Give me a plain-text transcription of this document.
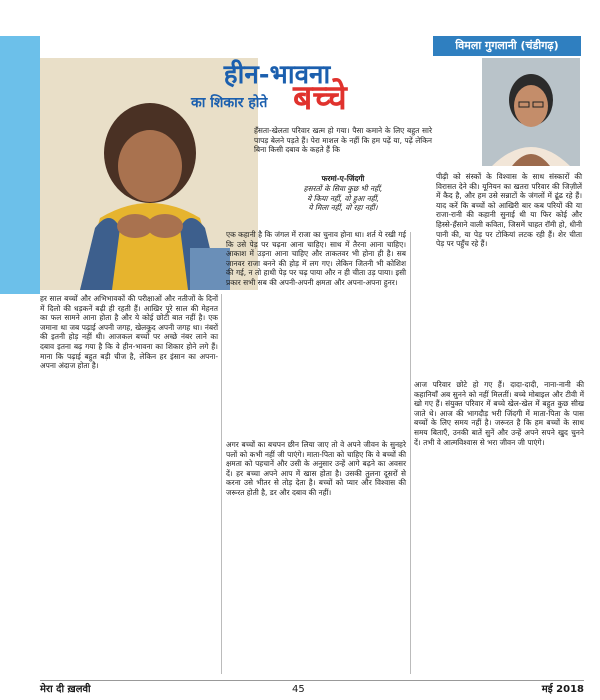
विमला गुगलानी (चंडीगढ़)
हीन-भावना
का शिकार होते बच्चे
हँसता-खेलता परिवार खत्म हो गया। पैसा कमाने के लिए बहुत सारे पापड़ बेलने पड़ते हैं। पेरा माशल के नहीं कि हम पढ़ें या, पढ़ें लेकिन बिना किसी दबाव के कहते हैं कि
फरमां-ए-जिंदगी
हसरतों के सिवा कुछ भी नहीं,
ये किया नहीं, वो हुआ नहीं,
ये मिला नहीं, वो रहा नहीं।
पीढ़ी को संस्कों के विश्वास के साथ संस्कारों की विरासत देने की। यूनियन का खतरा परिवार की जिज़ीलें में कैद है, और हम उसे सन्नाटों के जंगलों में ढूंढ रहे हैं। याद करें कि बच्चों को आखिरी बार कब परियों की या राजा-रानी की कहानी सुनाई थी या फिर कोई और हिस्से-हँसाने वाली कविता, जिसमें चाहत रॉमी हो, धीनी पानी की, या पेड़ पर टोकियां लटक रही हैं। शेर चीता पेड़ पर पहुँच रहे हैं।
एक कहानी है कि जंगल में राजा का चुनाव होना था। शर्त ये रखी गई कि उसे पेड़ पर चढ़ना आना चाहिए। साथ में तैरना आना चाहिए। आकाश में उड़ना आना चाहिए और ताकतवर भी होना ही है। सब जानवर राजा बनने की होड़ में लग गए। लेकिन जितनी भी कोशिश की गई, न तो हाथी पेड़ पर चढ़ पाया और न ही चीता उड़ पाया। इसी प्रकार सभी सब की अपनी-अपनी क्षमता और अपना-अपना हुनर।
हर साल बच्चों और अभिभावकों की परीक्षाओं और नतीजों के दिनों में दिलो की धड़कनें बढ़ी ही रहती हैं। आखिर पूरे साल की मेहनत का फल सामने आना होता है और ये कोई छोटी बात नहीं है। एक जमाना था जब पढ़ाई अपनी जगह, खेलकूद अपनी जगह था। नंबरों की इतनी होड़ नहीं थी। आजकल बच्चों पर अच्छे नंबर लाने का दबाव इतना बढ़ गया है कि वे हीन-भावना का शिकार होने लगे हैं। माना कि पढ़ाई बहुत बड़ी चीज है, लेकिन हर इंसान का अपना-अपना अंदाज होता है।
अगर बच्चों का बचपन छीन लिया जाए तो वे अपने जीवन के सुनहरे पलों को कभी नहीं जी पाएंगे। माता-पिता को चाहिए कि वे बच्चों की क्षमता को पहचानें और उसी के अनुसार उन्हें आगे बढ़ने का अवसर दें। हर बच्चा अपने आप में खास होता है। उसकी तुलना दूसरों से करना उसे भीतर से तोड़ देता है। बच्चों को प्यार और विश्वास की जरूरत होती है, डर और दबाव की नहीं।
आज परिवार छोटे हो गए हैं। दादा-दादी, नाना-नानी की कहानियाँ अब सुनने को नहीं मिलतीं। बच्चे मोबाइल और टीवी में खो गए हैं। संयुक्त परिवार में बच्चे खेल-खेल में बहुत कुछ सीख जाते थे। आज की भागदौड़ भरी जिंदगी में माता-पिता के पास बच्चों के लिए समय नहीं है। जरूरत है कि हम बच्चों के साथ समय बिताएँ, उनकी बातें सुनें और उन्हें अपने सपने खुद चुनने दें। तभी वे आत्मविश्वास से भरा जीवन जी पाएंगे।
मेरा दी ख़लवी	45	मई 2018
